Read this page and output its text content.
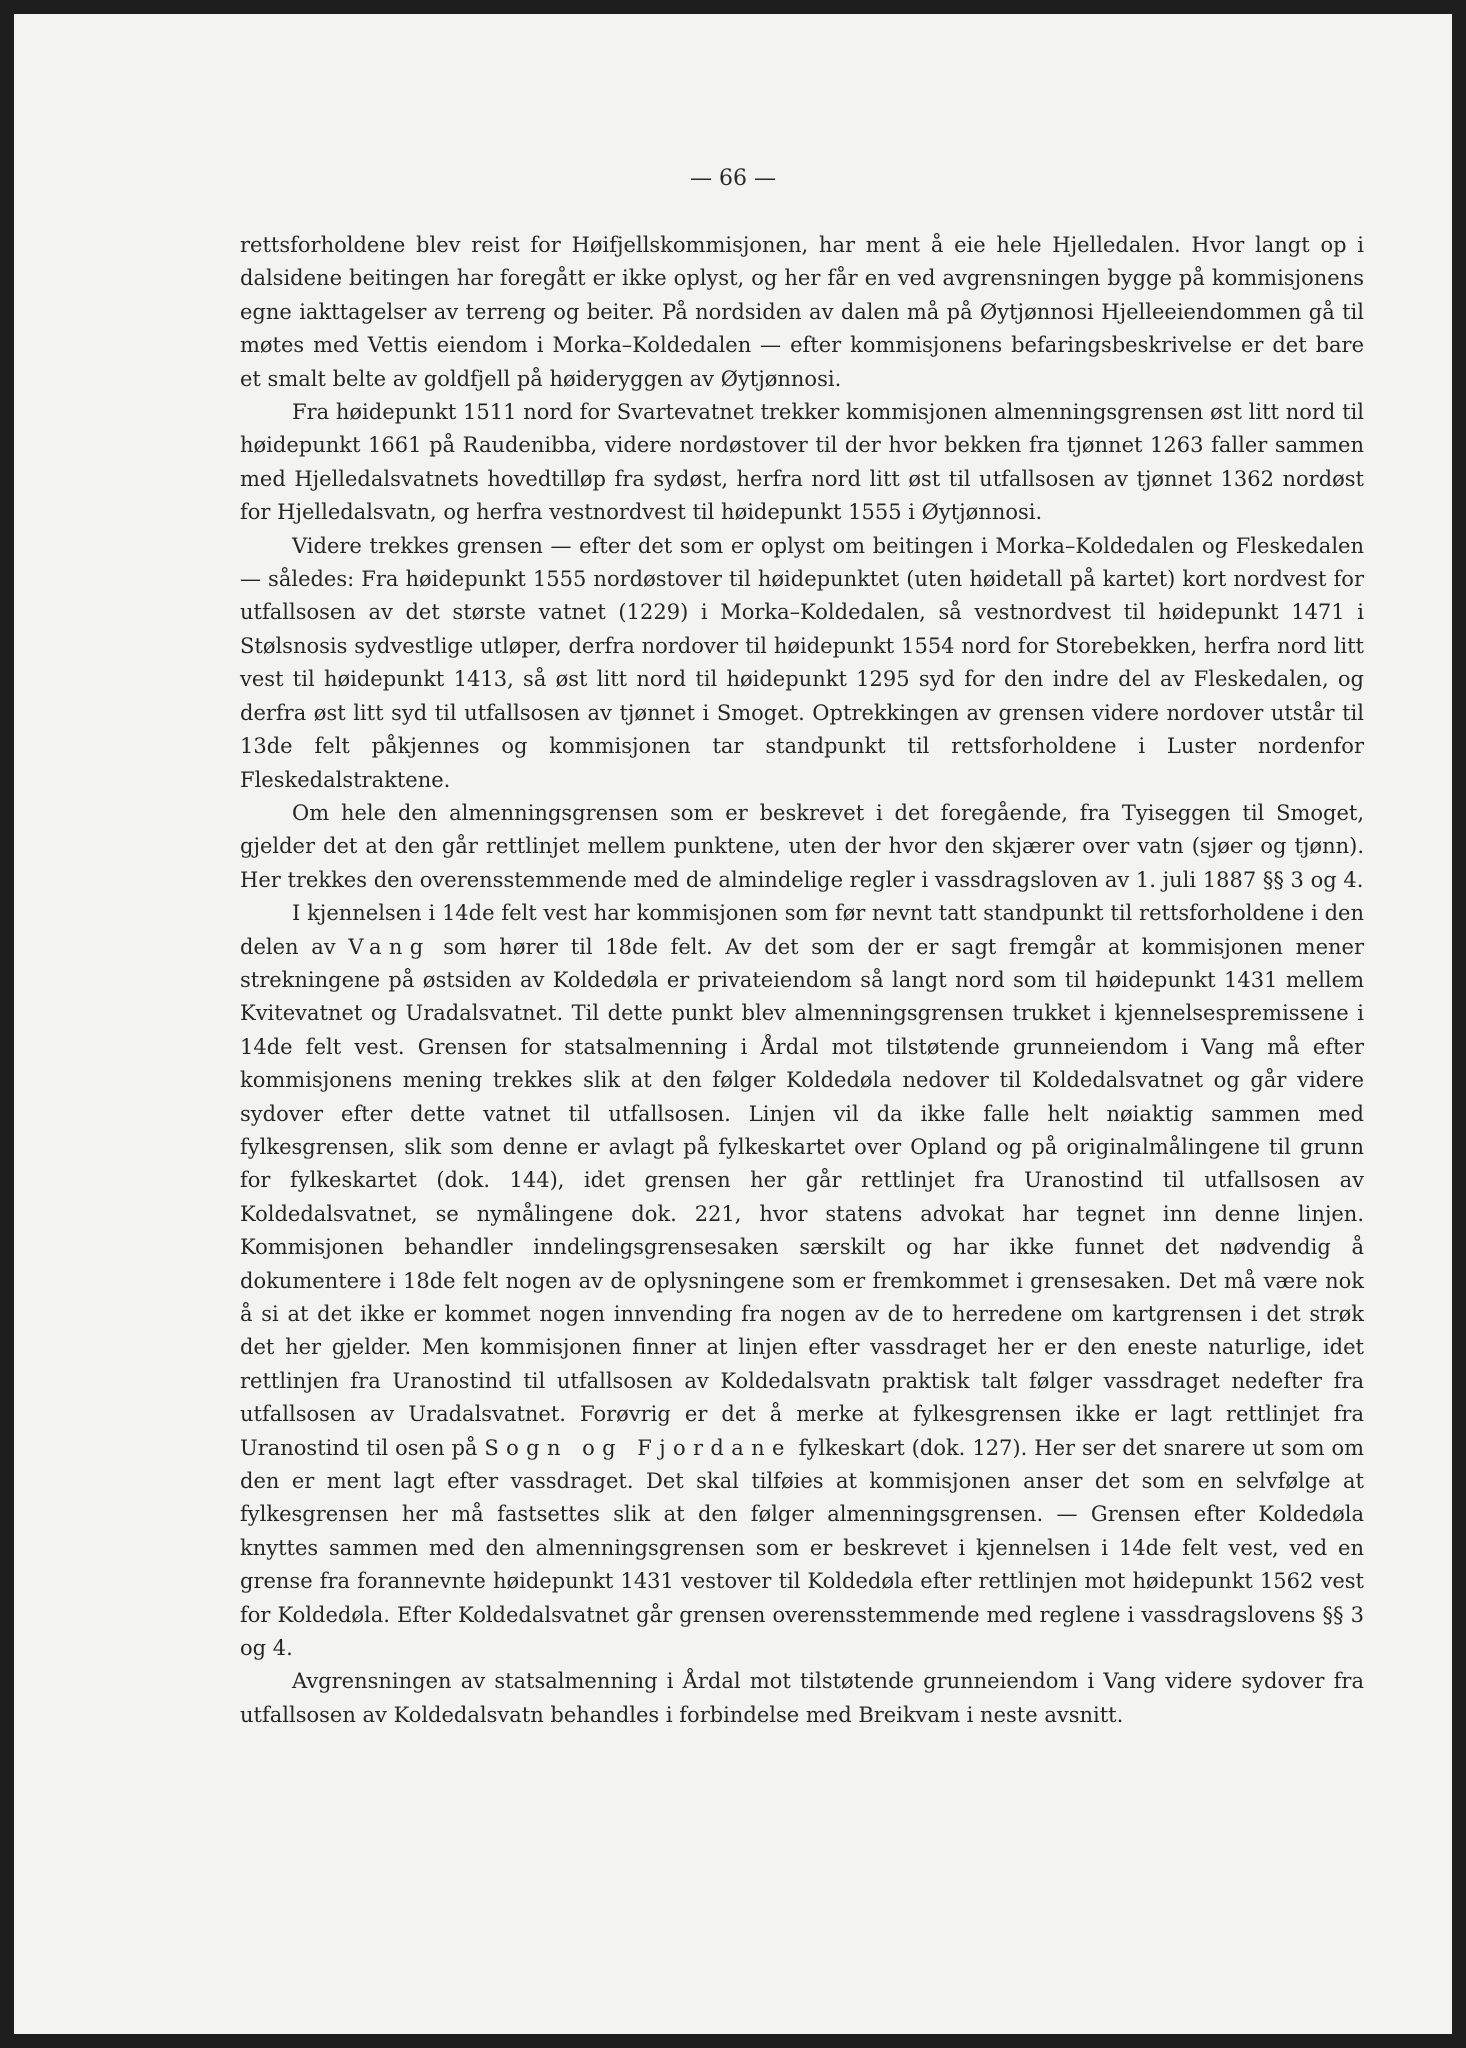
— 66 —

rettsforholdene blev reist for Høifjellskommisjonen, har ment å eie hele Hjelledalen. Hvor langt op i dalsidene beitingen har foregått er ikke oplyst, og her får en ved avgrensningen bygge på kommisjonens egne iakttagelser av terreng og beiter. På nordsiden av dalen må på Øytjønnosi Hjelleeiendommen gå til møtes med Vettis eiendom i Morka–Koldedalen — efter kommisjonens befaringsbeskrivelse er det bare et smalt belte av goldfjell på høideryggen av Øytjønnosi.

Fra høidepunkt 1511 nord for Svartevatnet trekker kommisjonen almenningsgrensen øst litt nord til høidepunkt 1661 på Raudenibba, videre nordøstover til der hvor bekken fra tjønnet 1263 faller sammen med Hjelledalsvatnets hovedtilløp fra sydøst, herfra nord litt øst til utfallsosen av tjønnet 1362 nordøst for Hjelledalsvatn, og herfra vestnordvest til høidepunkt 1555 i Øytjønnosi.

Videre trekkes grensen — efter det som er oplyst om beitingen i Morka–Koldedalen og Fleskedalen — således: Fra høidepunkt 1555 nordøstover til høidepunktet (uten høidetall på kartet) kort nordvest for utfallsosen av det største vatnet (1229) i Morka–Koldedalen, så vestnordvest til høidepunkt 1471 i Stølsnosis sydvestlige utløper, derfra nordover til høidepunkt 1554 nord for Storebekken, herfra nord litt vest til høidepunkt 1413, så øst litt nord til høidepunkt 1295 syd for den indre del av Fleskedalen, og derfra øst litt syd til utfallsosen av tjønnet i Smoget. Optrekkingen av grensen videre nordover utstår til 13de felt påkjennes og kommisjonen tar standpunkt til rettsforholdene i Luster nordenfor Fleskedalstraktene.

Om hele den almenningsgrensen som er beskrevet i det foregående, fra Tyiseggen til Smoget, gjelder det at den går rettlinjet mellem punktene, uten der hvor den skjærer over vatn (sjøer og tjønn). Her trekkes den overensstemmende med de almindelige regler i vassdragsloven av 1. juli 1887 §§ 3 og 4.

I kjennelsen i 14de felt vest har kommisjonen som før nevnt tatt standpunkt til rettsforholdene i den delen av Vang som hører til 18de felt. Av det som der er sagt fremgår at kommisjonen mener strekningene på østsiden av Koldedøla er privateiendom så langt nord som til høidepunkt 1431 mellem Kvitevatnet og Uradalsvatnet. Til dette punkt blev almenningsgrensen trukket i kjennelsespremissene i 14de felt vest. Grensen for statsalmenning i Årdal mot tilstøtende grunneiendom i Vang må efter kommisjonens mening trekkes slik at den følger Koldedøla nedover til Koldedalsvatnet og går videre sydover efter dette vatnet til utfallsosen. Linjen vil da ikke falle helt nøiaktig sammen med fylkesgrensen, slik som denne er avlagt på fylkeskartet over Opland og på originalmålingene til grunn for fylkeskartet (dok. 144), idet grensen her går rettlinjet fra Uranostind til utfallsosen av Koldedalsvatnet, se nymålingene dok. 221, hvor statens advokat har tegnet inn denne linjen. Kommisjonen behandler inndelingsgrensesaken særskilt og har ikke funnet det nødvendig å dokumentere i 18de felt nogen av de oplysningene som er fremkommet i grensesaken. Det må være nok å si at det ikke er kommet nogen innvending fra nogen av de to herredene om kartgrensen i det strøk det her gjelder. Men kommisjonen finner at linjen efter vassdraget her er den eneste naturlige, idet rettlinjen fra Uranostind til utfallsosen av Koldedalsvatn praktisk talt følger vassdraget nedefter fra utfallsosen av Uradalsvatnet. Forøvrig er det å merke at fylkesgrensen ikke er lagt rettlinjet fra Uranostind til osen på Sogn og Fjordane fylkeskart (dok. 127). Her ser det snarere ut som om den er ment lagt efter vassdraget. Det skal tilføies at kommisjonen anser det som en selvfølge at fylkesgrensen her må fastsettes slik at den følger almenningsgrensen. — Grensen efter Koldedøla knyttes sammen med den almenningsgrensen som er beskrevet i kjennelsen i 14de felt vest, ved en grense fra forannevnte høidepunkt 1431 vestover til Koldedøla efter rettlinjen mot høidepunkt 1562 vest for Koldedøla. Efter Koldedalsvatnet går grensen overensstemmende med reglene i vassdragslovens §§ 3 og 4.

Avgrensningen av statsalmenning i Årdal mot tilstøtende grunneiendom i Vang videre sydover fra utfallsosen av Koldedalsvatn behandles i forbindelse med Breikvam i neste avsnitt.
